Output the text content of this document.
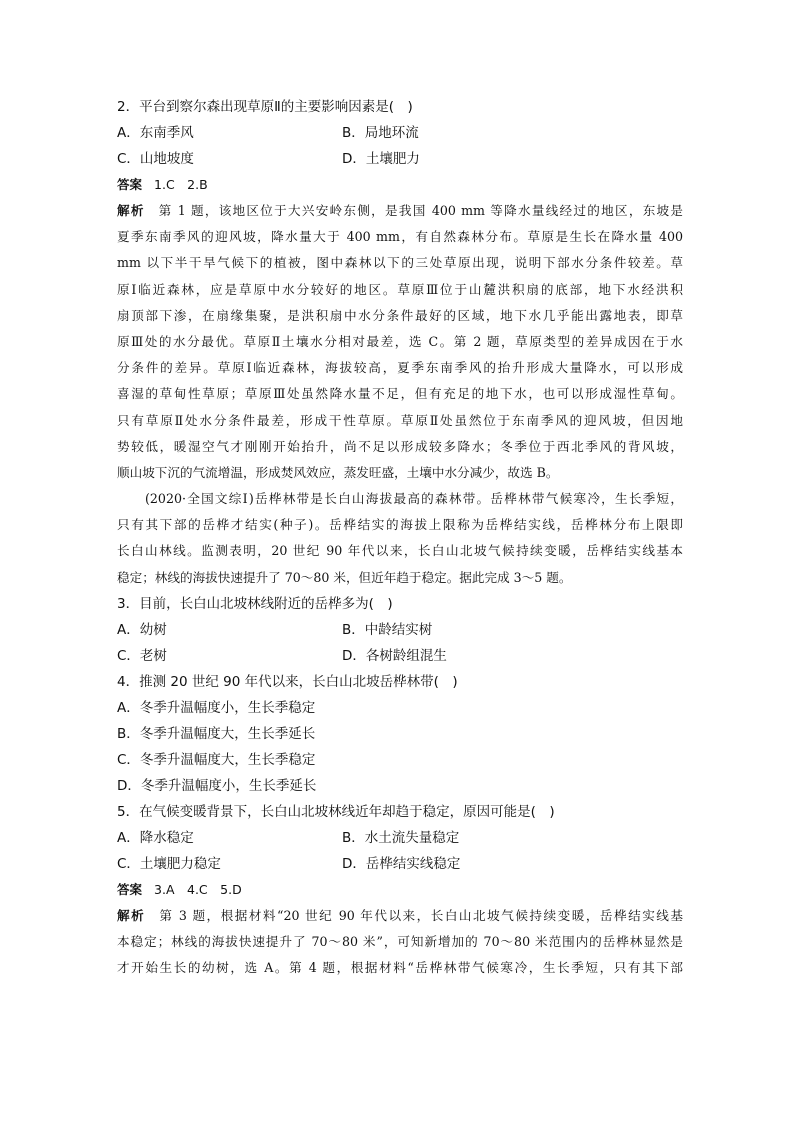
2．平台到察尔森出现草原Ⅱ的主要影响因素是(　)
A．东南季风	B．局地环流
C．山地坡度	D．土壤肥力
答案 1.C　2.B
解析　 第 1 题，该地区位于大兴安岭东侧，是我国 400 mm 等降水量线经过的地区，东坡是
夏季东南季风的迎风坡，降水量大于 400 mm，有自然森林分布。草原是生长在降水量 400
mm 以下半干旱气候下的植被，图中森林以下的三处草原出现，说明下部水分条件较差。草
原Ⅰ临近森林，应是草原中水分较好的地区。草原Ⅲ位于山麓洪积扇的底部，地下水经洪积
扇顶部下渗，在扇缘集聚，是洪积扇中水分条件最好的区域，地下水几乎能出露地表，即草
原Ⅲ处的水分最优。草原Ⅱ土壤水分相对最差，选 C。第 2 题，草原类型的差异成因在于水
分条件的差异。草原Ⅰ临近森林，海拔较高，夏季东南季风的抬升形成大量降水，可以形成
喜湿的草甸性草原；草原Ⅲ处虽然降水量不足，但有充足的地下水，也可以形成湿性草甸。
只有草原Ⅱ处水分条件最差，形成干性草原。草原Ⅱ处虽然位于东南季风的迎风坡，但因地
势较低，暖湿空气才刚刚开始抬升，尚不足以形成较多降水；冬季位于西北季风的背风坡，
顺山坡下沉的气流增温，形成焚风效应，蒸发旺盛，土壤中水分减少，故选 B。
(2020·全国文综Ⅰ)岳桦林带是长白山海拔最高的森林带。岳桦林带气候寒冷，生长季短，
只有其下部的岳桦才结实(种子)。岳桦结实的海拔上限称为岳桦结实线，岳桦林分布上限即
长白山林线。监测表明，20 世纪 90 年代以来，长白山北坡气候持续变暖，岳桦结实线基本
稳定；林线的海拔快速提升了 70～80 米，但近年趋于稳定。据此完成 3～5 题。
3．目前，长白山北坡林线附近的岳桦多为(　)
A．幼树	B．中龄结实树
C．老树	D．各树龄组混生
4．推测 20 世纪 90 年代以来，长白山北坡岳桦林带(　)
A．冬季升温幅度小，生长季稳定
B．冬季升温幅度大，生长季延长
C．冬季升温幅度大，生长季稳定
D．冬季升温幅度小，生长季延长
5．在气候变暖背景下，长白山北坡林线近年却趋于稳定，原因可能是(　)
A．降水稳定	B．水土流失量稳定
C．土壤肥力稳定	D．岳桦结实线稳定
答案 3.A　4.C　5.D
解析　 第 3 题，根据材料“20 世纪 90 年代以来，长白山北坡气候持续变暖，岳桦结实线基
本稳定；林线的海拔快速提升了 70～80 米”，可知新增加的 70～80 米范围内的岳桦林显然是
才开始生长的幼树，选 A。第 4 题，根据材料“岳桦林带气候寒冷，生长季短，只有其下部
